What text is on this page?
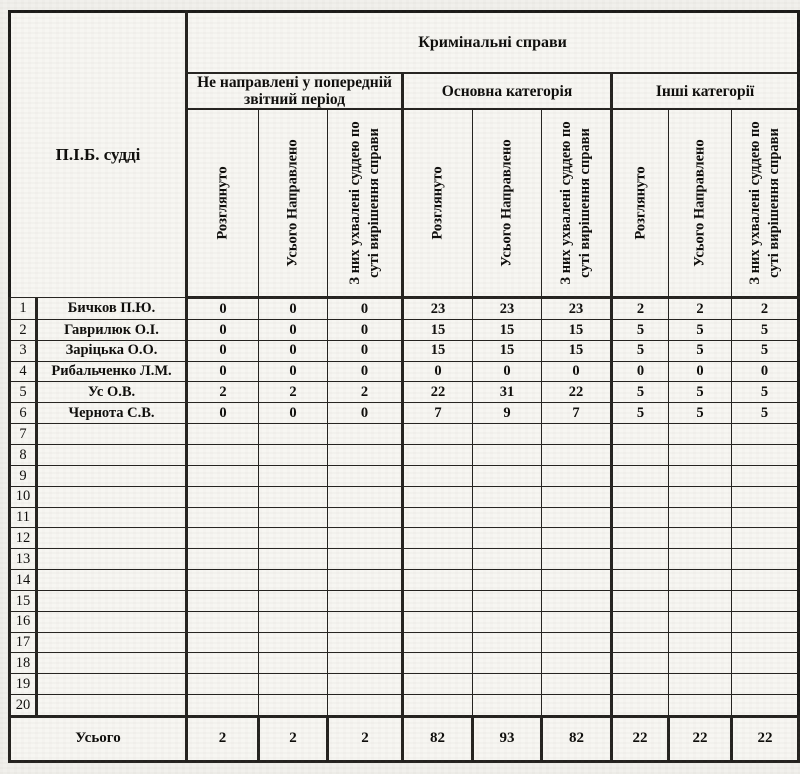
П.І.Б. судді		Кримінальні справи								
		Не направлені у попередній звітний період			Основна категорія			Інші категорії		

		Розглянуто	Усього Направлено	З них ухвалені суддею по суті вирішення справи	Розглянуто	Усього Направлено	З них ухвалені суддею по суті вирішення справи	Розглянуто	Усього Направлено	З них ухвалені суддею по суті вирішення справи

1	Бичков П.Ю.	0	0	0	23	23	23	2	2	2
2	Гаврилюк О.І.	0	0	0	15	15	15	5	5	5
3	Заріцька О.О.	0	0	0	15	15	15	5	5	5
4	Рибальченко Л.М.	0	0	0	0	0	0	0	0	0
5	Ус О.В.	2	2	2	22	31	22	5	5	5
6	Чернота С.В.	0	0	0	7	9	7	5	5	5
7										
8										
9										
10										
11										
12										
13										
14										
15										
16										
17										
18										
19										
20										
Усього		2	2	2	82	93	82	22	22	22
